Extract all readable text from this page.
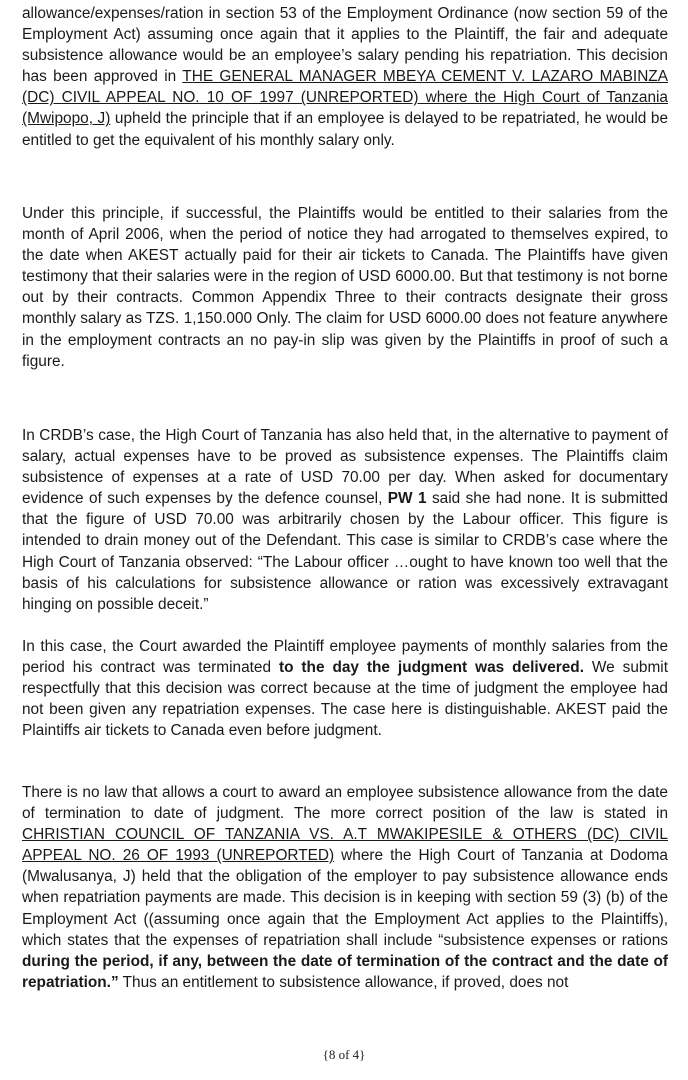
allowance/expenses/ration in section 53 of the Employment Ordinance (now section 59 of the Employment Act) assuming once again that it applies to the Plaintiff, the fair and adequate subsistence allowance would be an employee’s salary pending his repatriation. This decision has been approved in THE GENERAL MANAGER MBEYA CEMENT V. LAZARO MABINZA (DC) CIVIL APPEAL NO. 10 OF 1997 (UNREPORTED) where the High Court of Tanzania (Mwipopo, J) upheld the principle that if an employee is delayed to be repatriated, he would be entitled to get the equivalent of his monthly salary only.

Under this principle, if successful, the Plaintiffs would be entitled to their salaries from the month of April 2006, when the period of notice they had arrogated to themselves expired, to the date when AKEST actually paid for their air tickets to Canada. The Plaintiffs have given testimony that their salaries were in the region of USD 6000.00. But that testimony is not borne out by their contracts. Common Appendix Three to their contracts designate their gross monthly salary as TZS. 1,150.000 Only. The claim for USD 6000.00 does not feature anywhere in the employment contracts an no pay-in slip was given by the Plaintiffs in proof of such a figure.

In CRDB’s case, the High Court of Tanzania has also held that, in the alternative to payment of salary, actual expenses have to be proved as subsistence expenses. The Plaintiffs claim subsistence of expenses at a rate of USD 70.00 per day. When asked for documentary evidence of such expenses by the defence counsel, PW 1 said she had none. It is submitted that the figure of USD 70.00 was arbitrarily chosen by the Labour officer. This figure is intended to drain money out of the Defendant. This case is similar to CRDB’s case where the High Court of Tanzania observed: “The Labour officer …ought to have known too well that the basis of his calculations for subsistence allowance or ration was excessively extravagant hinging on possible deceit.”

In this case, the Court awarded the Plaintiff employee payments of monthly salaries from the period his contract was terminated to the day the judgment was delivered. We submit respectfully that this decision was correct because at the time of judgment the employee had not been given any repatriation expenses. The case here is distinguishable. AKEST paid the Plaintiffs air tickets to Canada even before judgment.

There is no law that allows a court to award an employee subsistence allowance from the date of termination to date of judgment. The more correct position of the law is stated in CHRISTIAN COUNCIL OF TANZANIA VS. A.T MWAKIPESILE & OTHERS (DC) CIVIL APPEAL NO. 26 OF 1993 (UNREPORTED) where the High Court of Tanzania at Dodoma (Mwalusanya, J) held that the obligation of the employer to pay subsistence allowance ends when repatriation payments are made. This decision is in keeping with section 59 (3) (b) of the Employment Act ((assuming once again that the Employment Act applies to the Plaintiffs), which states that the expenses of repatriation shall include “subsistence expenses or rations during the period, if any, between the date of termination of the contract and the date of repatriation.” Thus an entitlement to subsistence allowance, if proved, does not

{8 of 4}
